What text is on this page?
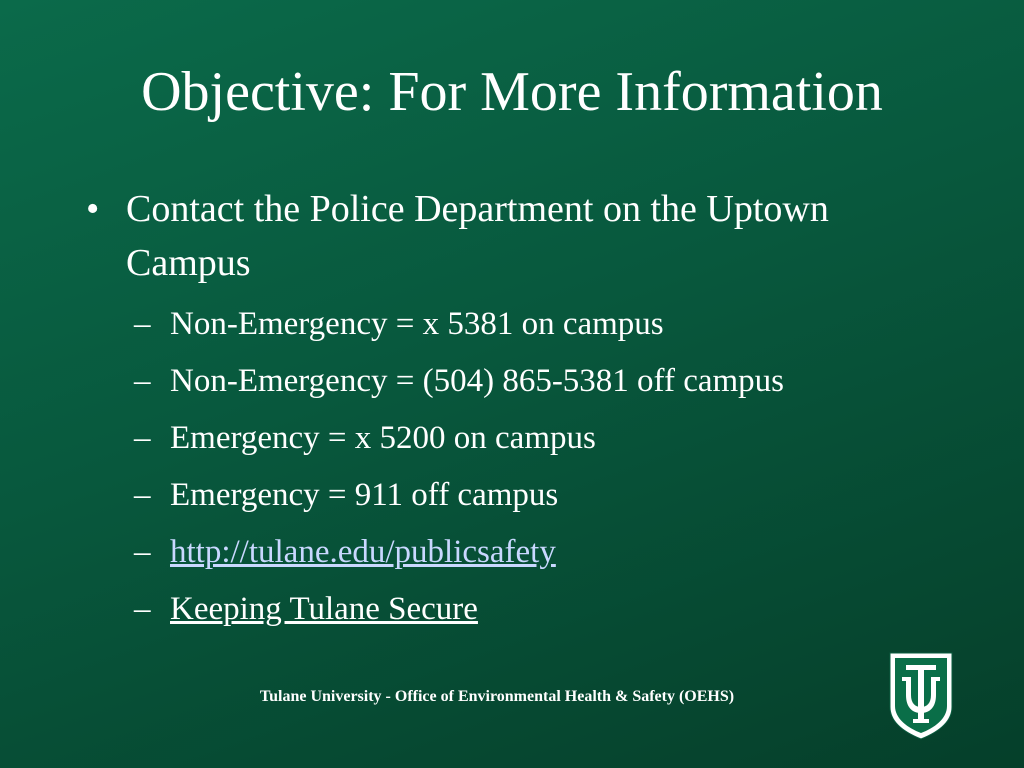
Objective: For More Information
• Contact the Police Department on the Uptown Campus
– Non-Emergency = x 5381 on campus
– Non-Emergency = (504) 865-5381 off campus
– Emergency = x 5200 on campus
– Emergency = 911 off campus
– http://tulane.edu/publicsafety
– Keeping Tulane Secure
Tulane University - Office of Environmental Health & Safety (OEHS)
